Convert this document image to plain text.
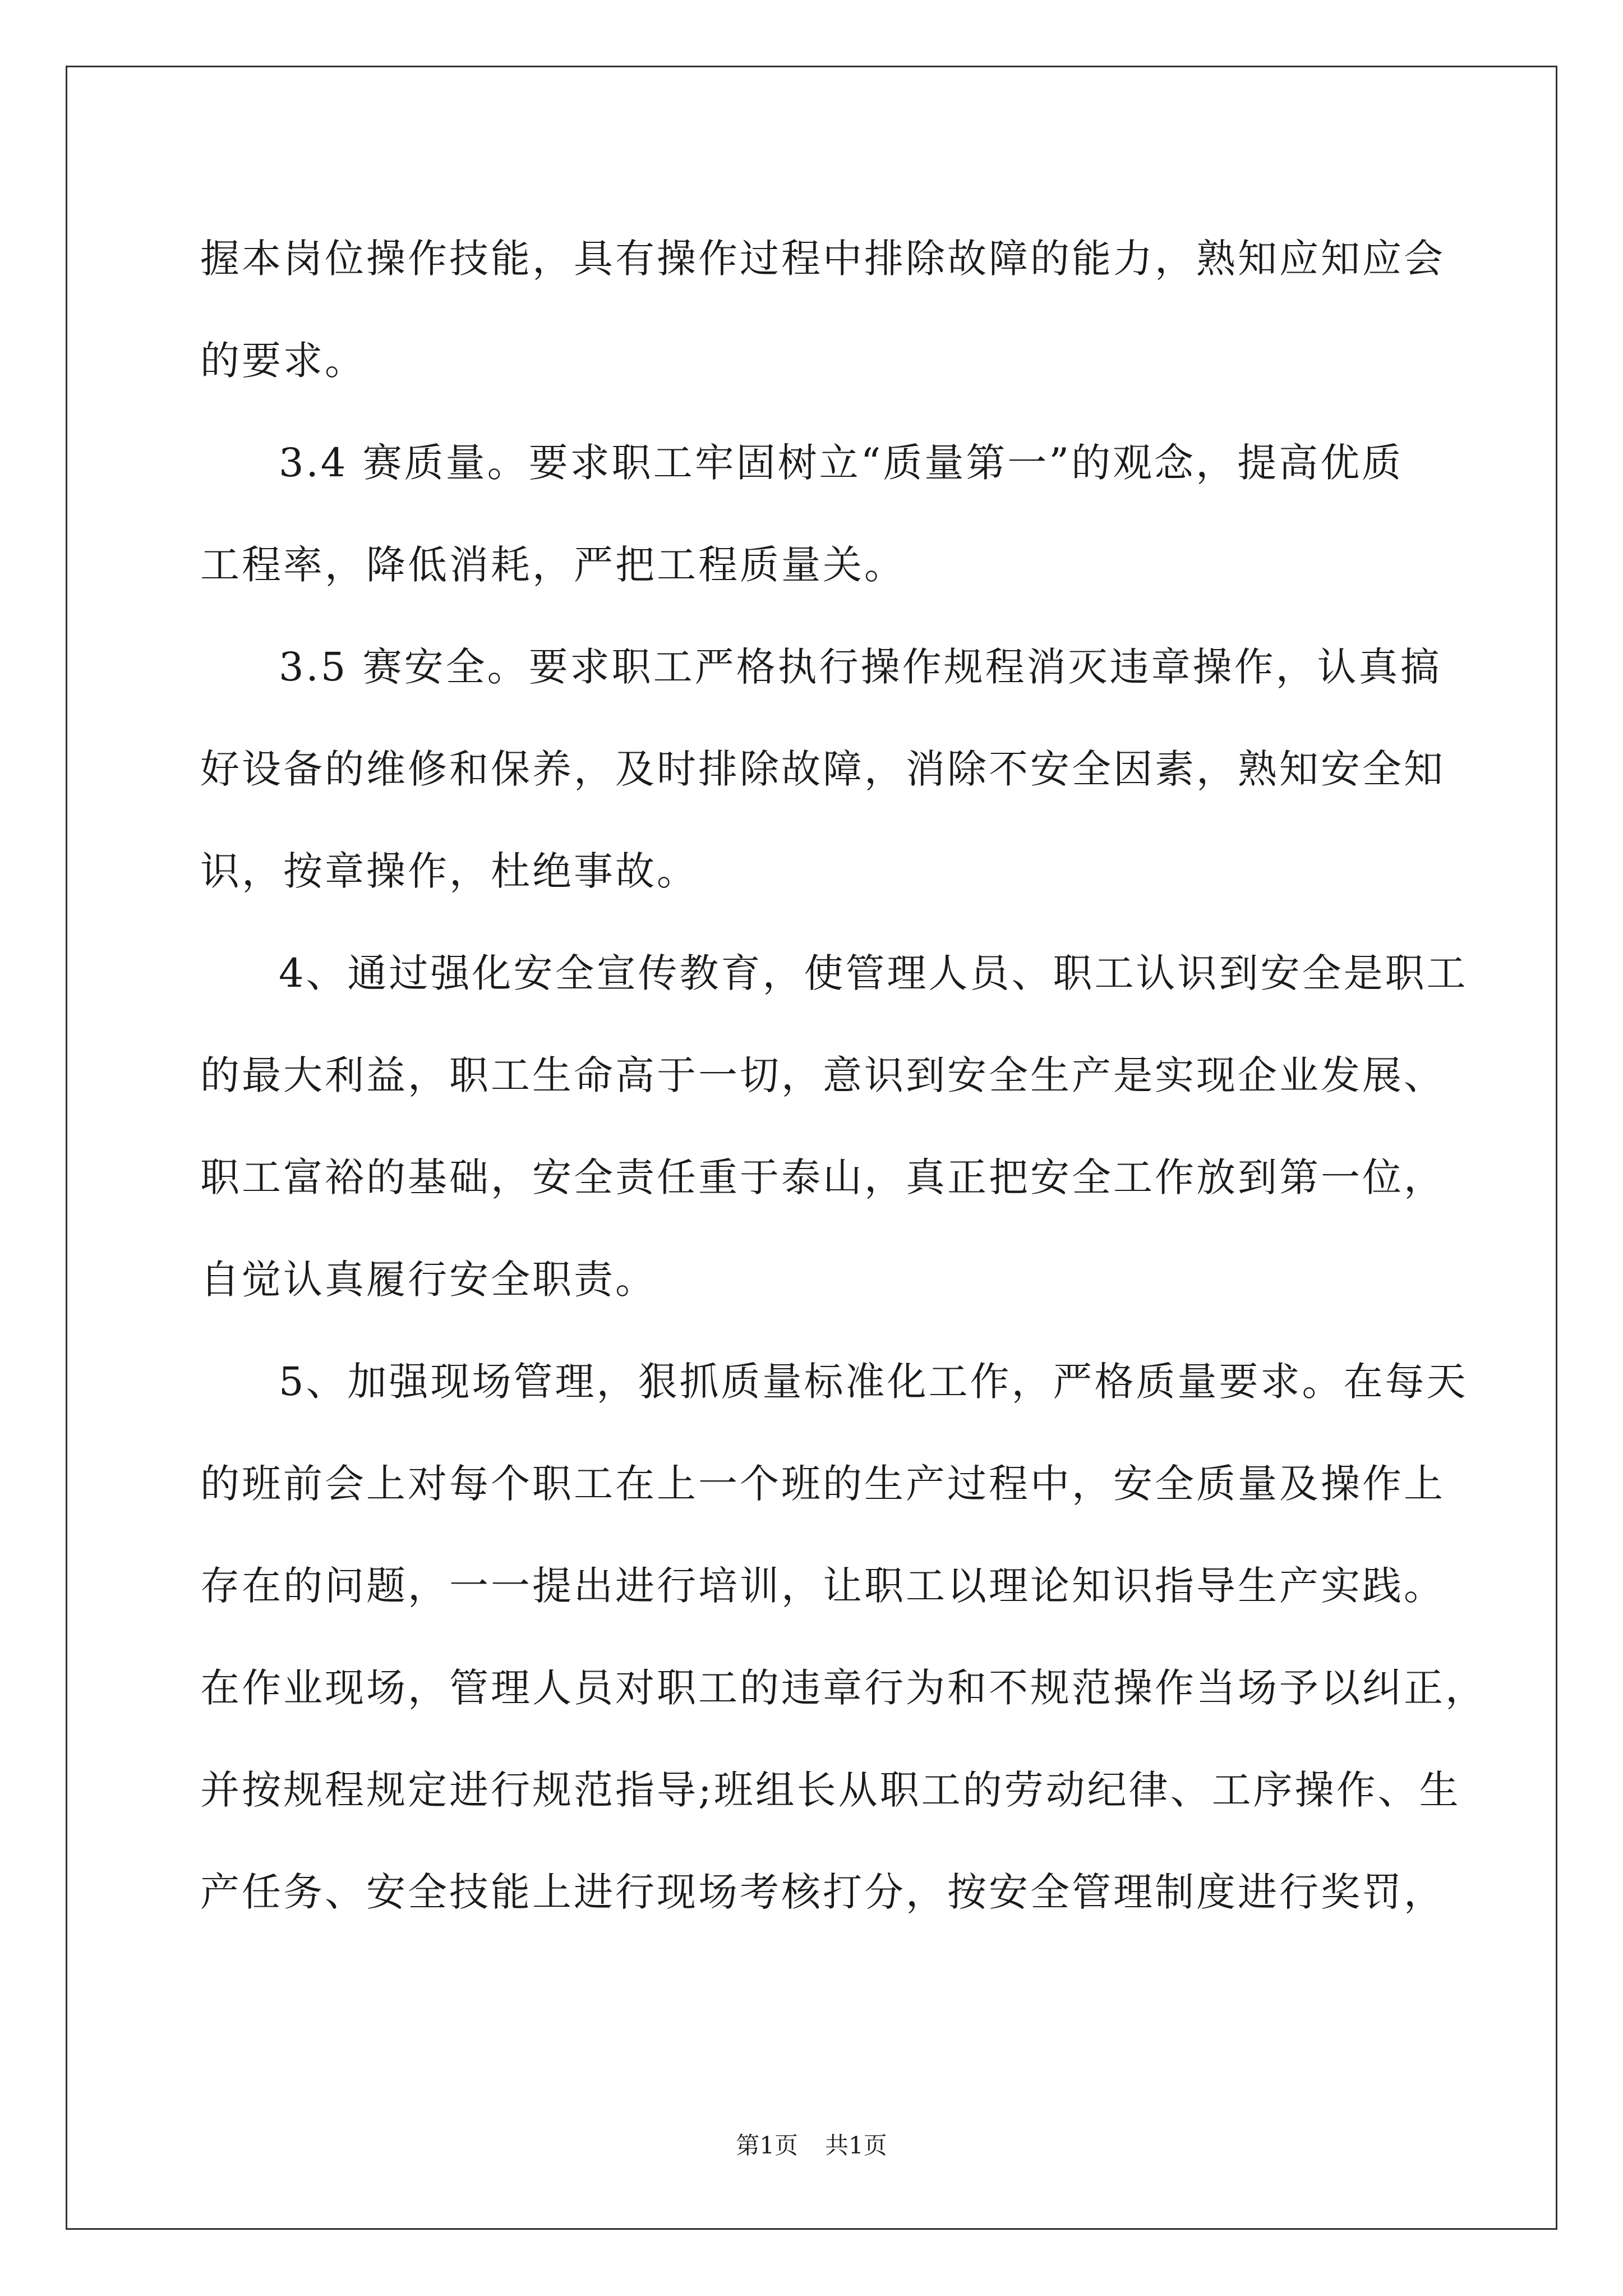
握本岗位操作技能，具有操作过程中排除故障的能力，熟知应知应会
的要求。
3.4 赛质量。要求职工牢固树立“质量第一”的观念，提高优质
工程率，降低消耗，严把工程质量关。
3.5 赛安全。要求职工严格执行操作规程消灭违章操作，认真搞
好设备的维修和保养，及时排除故障，消除不安全因素，熟知安全知
识，按章操作，杜绝事故。
4、通过强化安全宣传教育，使管理人员、职工认识到安全是职工
的最大利益，职工生命高于一切，意识到安全生产是实现企业发展、
职工富裕的基础，安全责任重于泰山，真正把安全工作放到第一位，
自觉认真履行安全职责。
5、加强现场管理，狠抓质量标准化工作，严格质量要求。在每天
的班前会上对每个职工在上一个班的生产过程中，安全质量及操作上
存在的问题，一一提出进行培训，让职工以理论知识指导生产实践。
在作业现场，管理人员对职工的违章行为和不规范操作当场予以纠正，
并按规程规定进行规范指导;班组长从职工的劳动纪律、工序操作、生
产任务、安全技能上进行现场考核打分，按安全管理制度进行奖罚，
第1页 共1页
